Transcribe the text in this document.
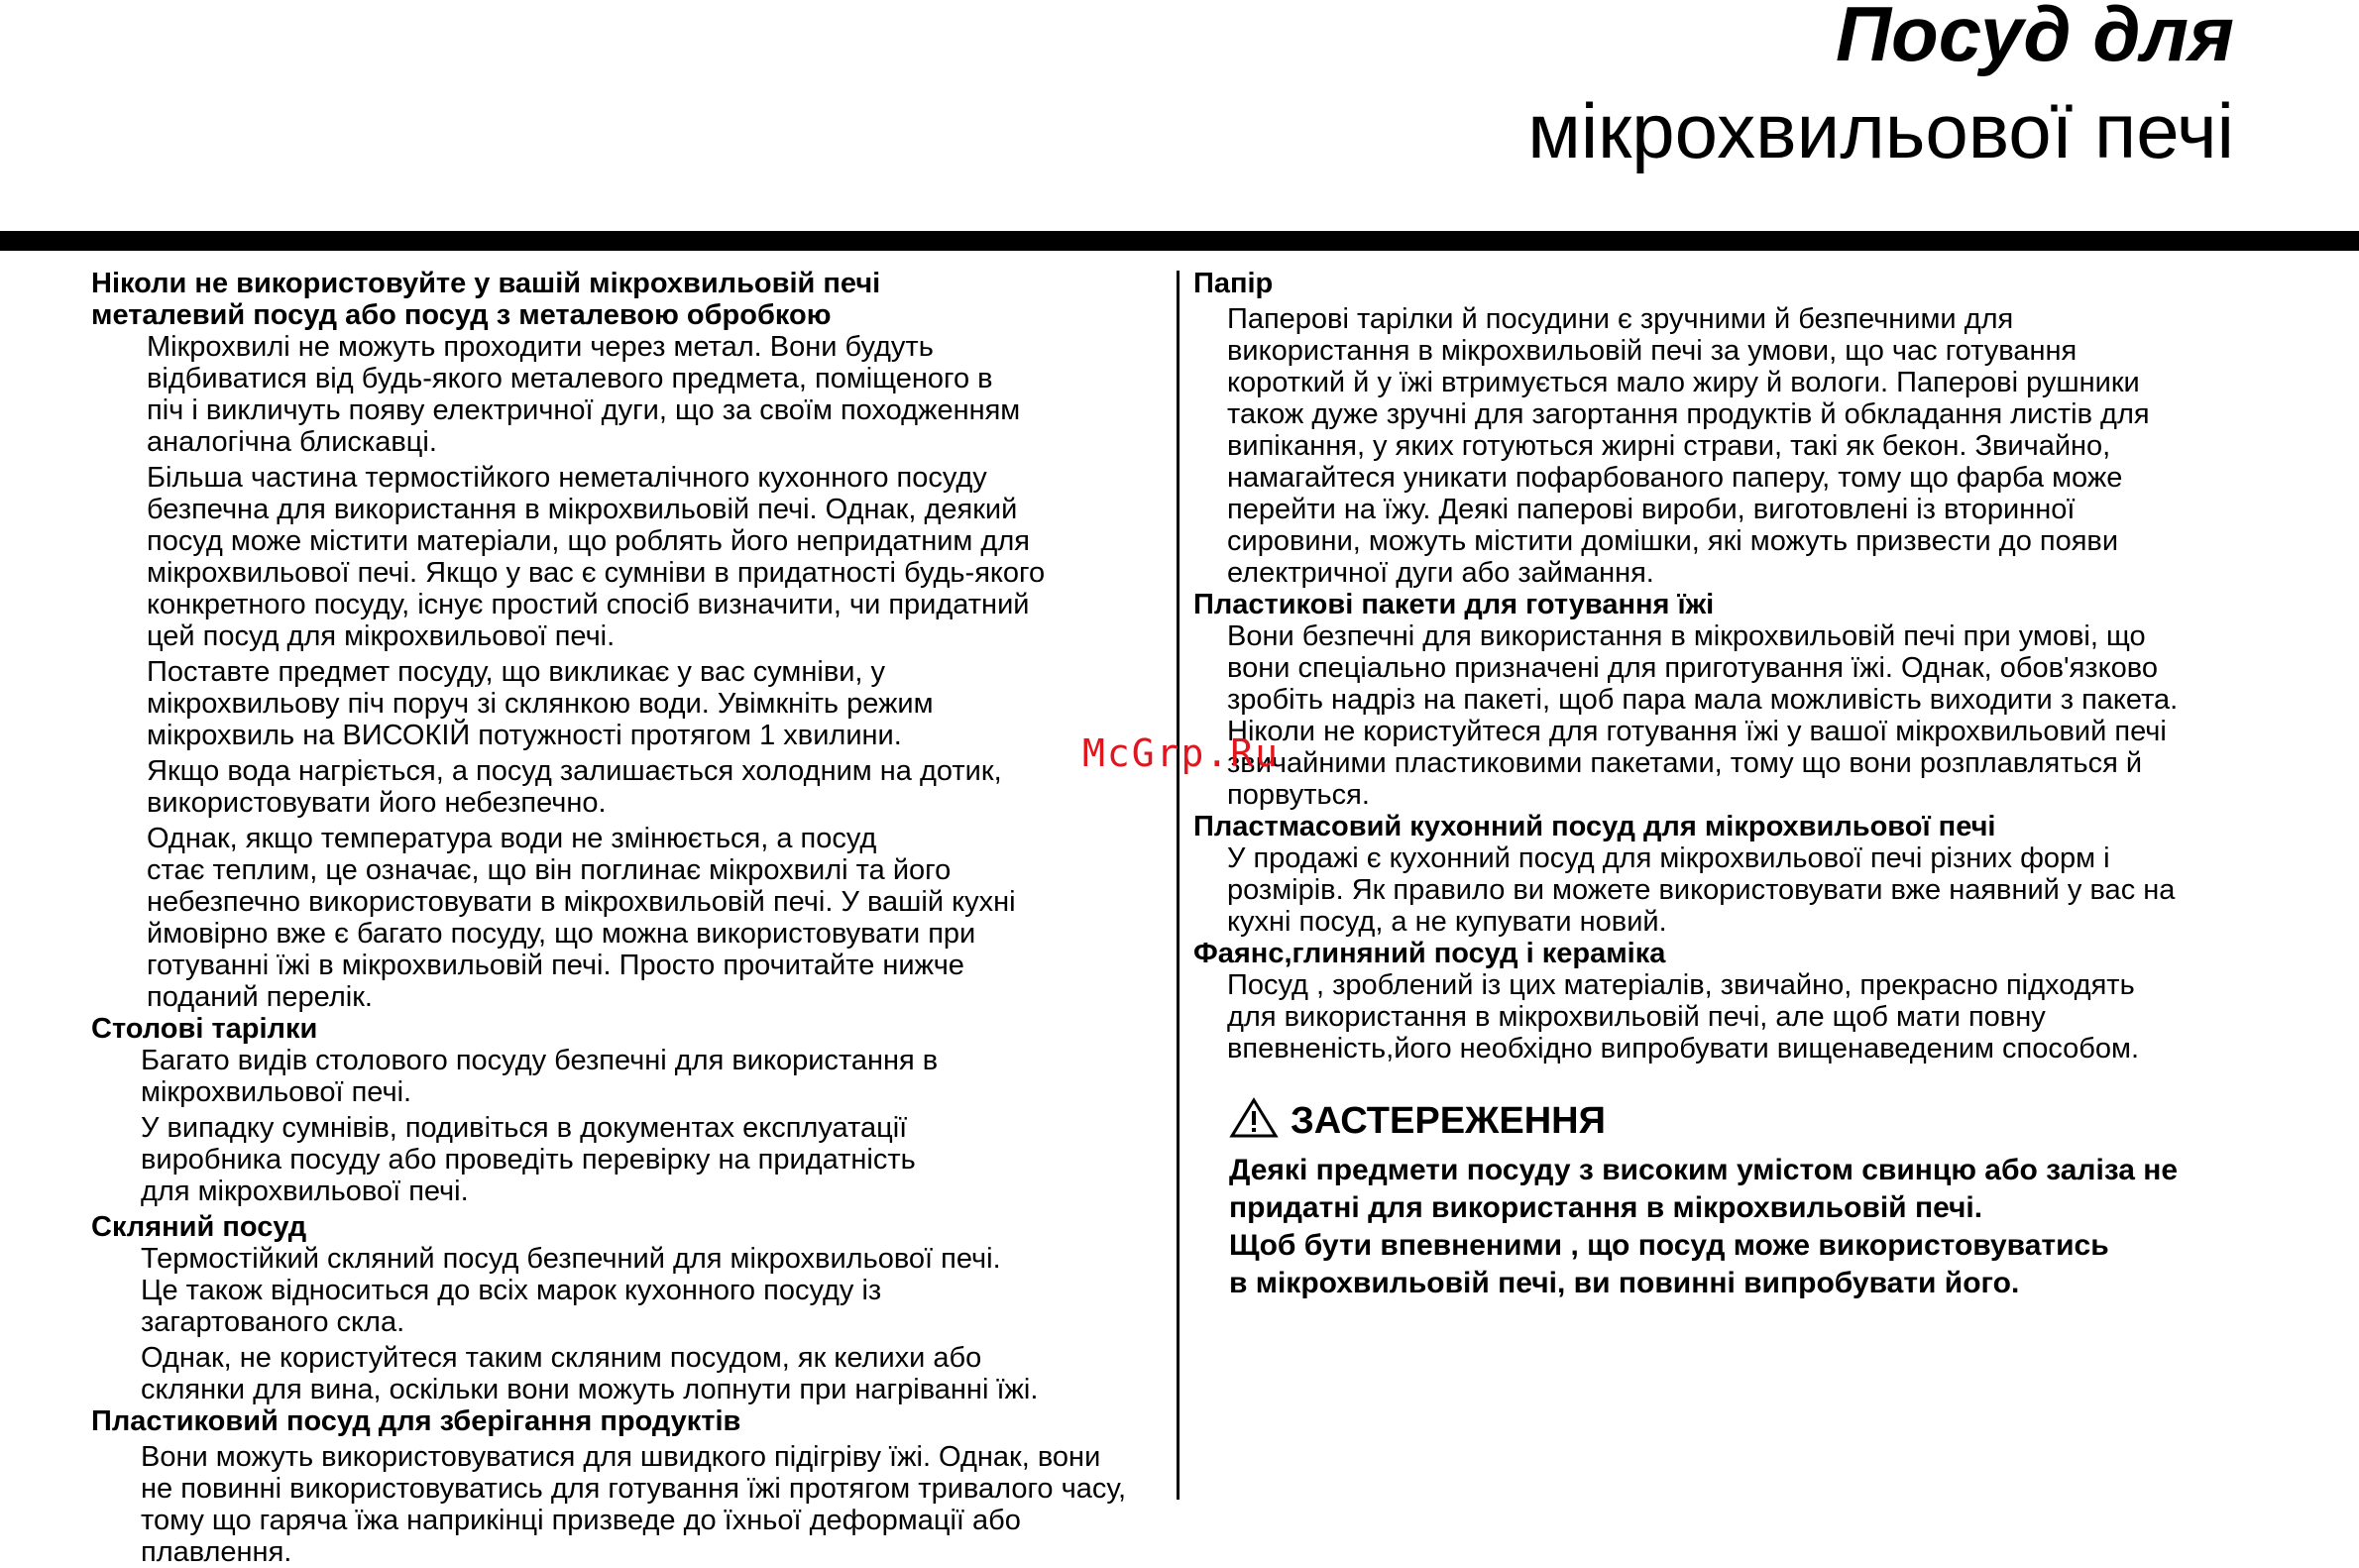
Посуд для
мікрохвильової печі

Ніколи не використовуйте у вашій мікрохвильовій печі
металевий посуд або посуд з металевою обробкою

Мікрохвилі не можуть проходити через метал. Вони будуть
відбиватися від будь-якого металевого предмета, поміщеного в
піч і викличуть появу електричної дуги, що за своїм походженням
аналогічна блискавці.

Більша частина термостійкого неметалічного кухонного посуду
безпечна для використання в мікрохвильовій печі. Однак, деякий
посуд може містити матеріали, що роблять його непридатним для
мікрохвильової печі. Якщо у вас є сумніви в придатності будь-якого
конкретного посуду, існує простий спосіб визначити, чи придатний
цей посуд для мікрохвильової печі.

Поставте предмет посуду, що викликає у вас сумніви, у
мікрохвильову піч поруч зі склянкою води. Увімкніть режим
мікрохвиль на ВИСОКІЙ потужності протягом 1 хвилини.

Якщо вода нагріється, а посуд залишається холодним на дотик,
використовувати його небезпечно.

Однак, якщо температура води не змінюється, а посуд
стає теплим, це означає, що він поглинає мікрохвилі та його
небезпечно використовувати в мікрохвильовій печі. У вашій кухні
ймовірно вже є багато посуду, що можна використовувати при
готуванні їжі в мікрохвильовій печі. Просто прочитайте нижче
поданий перелік.

Столові тарілки

Багато видів столового посуду безпечні для використання в
мікрохвильової печі.

У випадку сумнівів, подивіться в документах експлуатації
виробника посуду або проведіть перевірку на придатність
для мікрохвильової печі.

Скляний посуд

Термостійкий скляний посуд безпечний для мікрохвильової печі.
Це також відноситься до всіх марок кухонного посуду із
загартованого скла.

Однак, не користуйтеся таким скляним посудом, як келихи або
склянки для вина, оскільки вони можуть лопнути при нагріванні їжі.

Пластиковий посуд для зберігання продуктів

Вони можуть використовуватися для швидкого підігріву їжі. Однак, вони
не повинні використовуватись для готування їжі протягом тривалого часу,
тому що гаряча їжа наприкінці призведе до їхньої деформації або плавлення.

Папір

Паперові тарілки й посудини є зручними й безпечними для
використання в мікрохвильовій печі за умови, що час готування
короткий й у їжі втримується мало жиру й вологи. Паперові рушники
також дуже зручні для загортання продуктів й обкладання листів для
випікання, у яких готуються жирні страви, такі як бекон. Звичайно,
намагайтеся уникати пофарбованого паперу, тому що фарба може
перейти на їжу. Деякі паперові вироби, виготовлені із вторинної
сировини, можуть містити домішки, які можуть призвести до появи
електричної дуги або займання.

Пластикові пакети для готування їжі

Вони безпечні для використання в мікрохвильовій печі при умові, що
вони спеціально призначені для приготування їжі. Однак, обов'язково
зробіть надріз на пакеті, щоб пара мала можливість виходити з пакета.
Ніколи не користуйтеся для готування їжі у вашої мікрохвильовий печі
звичайними пластиковими пакетами, тому що вони розплавляться й
порвуться.

Пластмасовий кухонний посуд для мікрохвильової печі

У продажі є кухонний посуд для мікрохвильової печі різних форм і
розмірів. Як правило ви можете використовувати вже наявний у вас на
кухні посуд, а не купувати новий.

Фаянс,глиняний посуд і кераміка

Посуд , зроблений із цих матеріалів, звичайно, прекрасно підходять
для використання в мікрохвильовій печі, але щоб мати повну
впевненість,його необхідно випробувати вищенаведеним способом.

ЗАСТЕРЕЖЕННЯ

Деякі предмети посуду з високим умістом свинцю або заліза не
придатні для використання в мікрохвильовій печі.
Щоб бути впевненими , що посуд може використовуватись
в мікрохвильовій печі, ви повинні випробувати його.

McGrp.Ru
